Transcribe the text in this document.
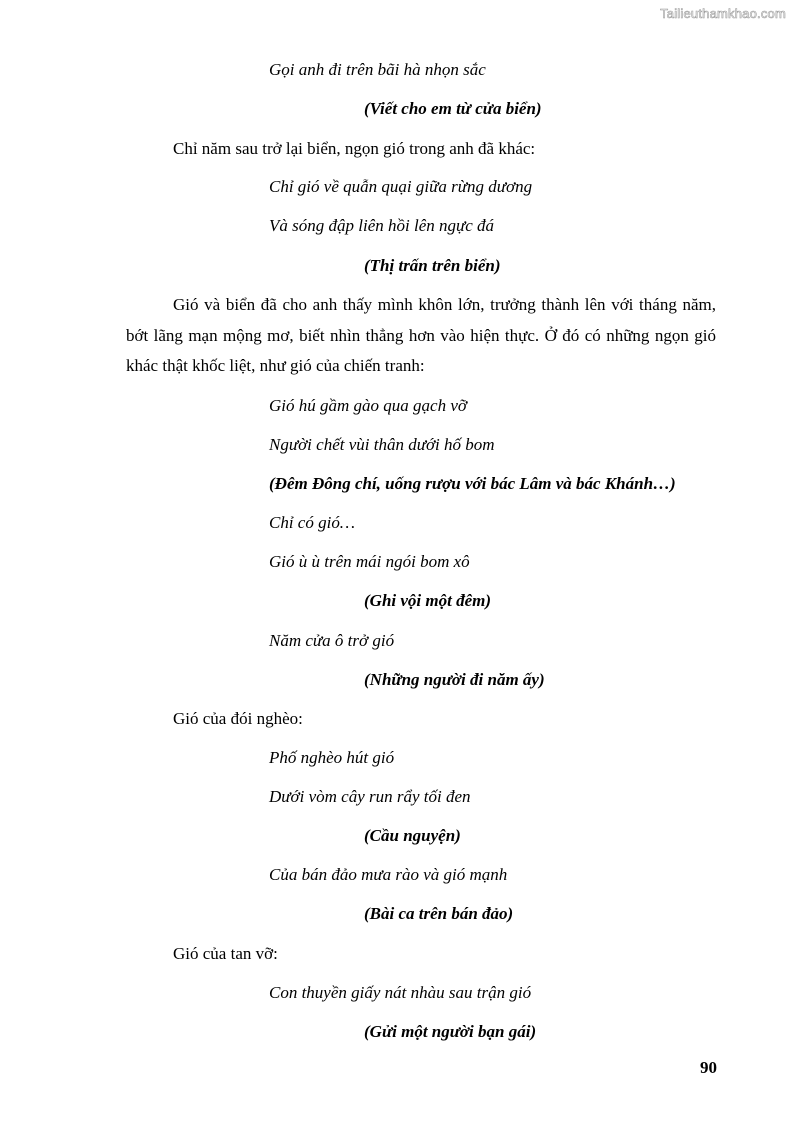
Tailieuthamkhao.com
Gọi anh đi trên bãi hà nhọn sắc
(Viết cho em từ cửa biển)
Chỉ năm sau trở lại biển, ngọn gió trong anh đã khác:
Chỉ gió về quẫn quại giữa rừng dương
Và sóng đập liên hồi lên ngực đá
(Thị trấn trên biển)
Gió và biển đã cho anh thấy mình khôn lớn, trưởng thành lên với tháng năm, bớt lãng mạn mộng mơ, biết nhìn thẳng hơn vào hiện thực. Ở đó có những ngọn gió khác thật khốc liệt, như gió của chiến tranh:
Gió hú gầm gào qua gạch vỡ
Người chết vùi thân dưới hố bom
(Đêm Đông chí, uống rượu với bác Lâm và bác Khánh…)
Chỉ có gió…
Gió ù ù trên mái ngói bom xô
(Ghi vội một đêm)
Năm cửa ô trở gió
(Những người đi năm ấy)
Gió của đói nghèo:
Phố nghèo hút gió
Dưới vòm cây run rẩy tối đen
(Cầu nguyện)
Của bán đảo mưa rào và gió mạnh
(Bài ca trên bán đảo)
Gió của tan vỡ:
Con thuyền giấy nát nhàu sau trận gió
(Gửi một người bạn gái)
90
